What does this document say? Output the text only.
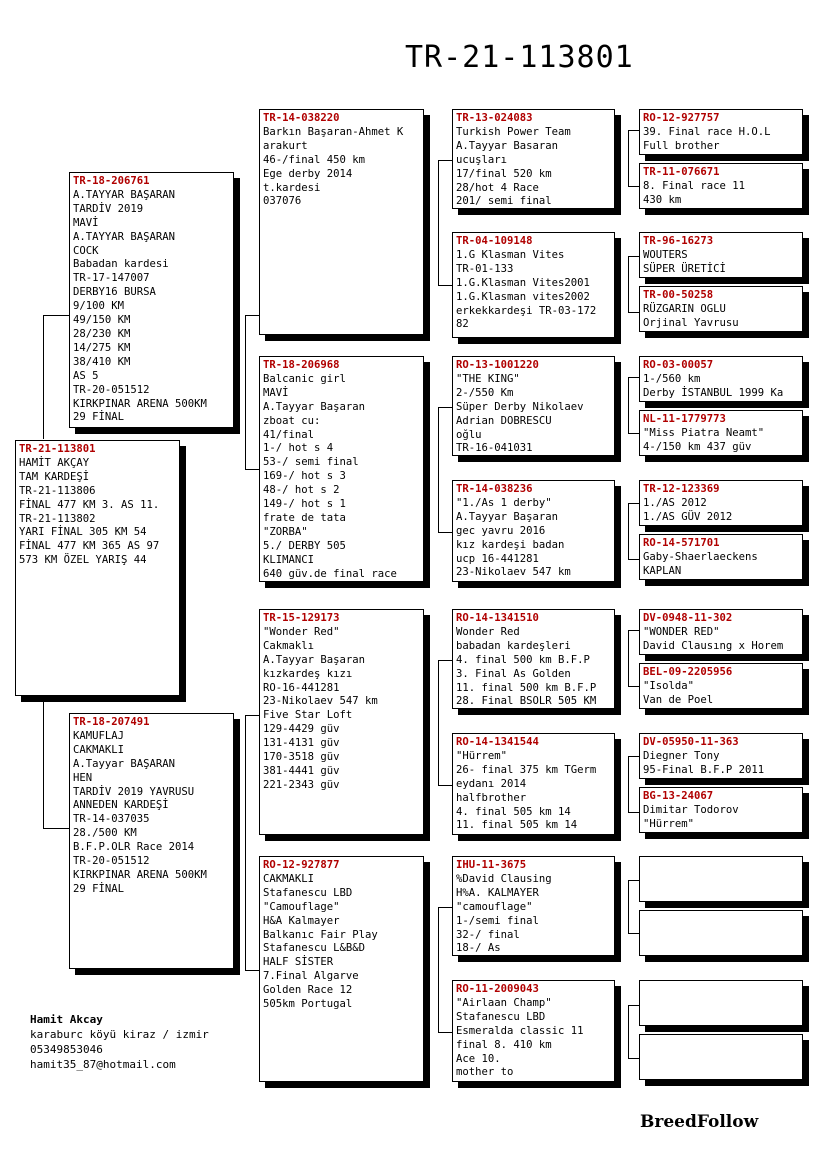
TR-21-113801
TR-21-113801
HAMİT AKÇAY
TAM KARDEŞİ
TR-21-113806
FİNAL 477 KM 3. AS 11.
TR-21-113802
YARI FİNAL 305 KM 54
FİNAL 477 KM 365 AS 97
573 KM ÖZEL YARIŞ 44
TR-18-206761
A.TAYYAR BAŞARAN
TARDİV 2019
MAVİ
A.TAYYAR BAŞARAN
COCK
Babadan kardesi
TR-17-147007
DERBY16 BURSA
9/100 KM
49/150 KM
28/230 KM
14/275 KM
38/410 KM
AS 5
TR-20-051512
KIRKPINAR ARENA 500KM
29 FİNAL
TR-18-207491
KAMUFLAJ
CAKMAKLI
A.Tayyar BAŞARAN
HEN
TARDİV 2019 YAVRUSU
ANNEDEN KARDEŞİ
TR-14-037035
28./500 KM
B.F.P.OLR Race 2014
TR-20-051512
KIRKPINAR ARENA 500KM
29 FİNAL
TR-14-038220
Barkın Başaran-Ahmet K
arakurt
46-/final 450 km
Ege derby 2014
t.kardesi
037076
TR-18-206968
Balcanic girl
MAVİ
A.Tayyar Başaran
zboat cu:
41/final
1-/ hot s 4
53-/ semi final
169-/ hot s 3
48-/ hot s 2
149-/ hot s 1
frate de tata
"ZORBA"
5./ DERBY 505
KLIMANCI
640 güv.de final race
TR-15-129173
"Wonder Red"
Cakmaklı
A.Tayyar Başaran
kızkardeş kızı
RO-16-441281
23-Nikolaev 547 km
Five Star Loft
129-4429 güv
131-4131 güv
170-3518 güv
381-4441 güv
221-2343 güv
RO-12-927877
CAKMAKLI
Stafanescu LBD
"Camouflage"
H&A Kalmayer
Balkanıc Fair Play
Stafanescu L&B&D
HALF SİSTER
7.Final Algarve
Golden Race 12
505km Portugal
TR-13-024083
Turkish Power Team
A.Tayyar Basaran
ucuşları
17/final 520 km
28/hot 4 Race
201/ semi final
TR-04-109148
1.G Klasman Vites
TR-01-133
1.G.Klasman Vites2001
1.G.Klasman vites2002
erkekkardeşi TR-03-172
82
RO-13-1001220
"THE KING"
2-/550 Km
Süper Derby Nikolaev
Adrian DOBRESCU
oğlu
TR-16-041031
TR-14-038236
"1./As 1 derby"
A.Tayyar Başaran
gec yavru 2016
kız kardeşi badan
ucp 16-441281
23-Nikolaev 547 km
RO-14-1341510
Wonder Red
babadan kardeşleri
4. final 500 km B.F.P
3. Final As Golden
11. final 500 km B.F.P
28. Final BSOLR 505 KM
RO-14-1341544
"Hürrem"
26- final 375 km TGerm
eydanı 2014
halfbrother
4. final 505 km 14
11. final 505 km 14
IHU-11-3675
%David Clausing
H%A. KALMAYER
"camouflage"
1-/semi final
32-/ final
18-/ As
RO-11-2009043
"Airlaan Champ"
Stafanescu LBD
Esmeralda classic 11
final 8. 410 km
Ace 10.
mother to
RO-12-927757
39. Final race H.O.L
Full brother
TR-11-076671
8. Final race 11
430 km
TR-96-16273
WOUTERS
SÜPER ÜRETİCİ
TR-00-50258
RÜZGARIN OGLU
Orjinal Yavrusu
RO-03-00057
1-/560 km
Derby İSTANBUL 1999 Ka
NL-11-1779773
"Miss Piatra Neamt"
4-/150 km 437 güv
TR-12-123369
1./AS 2012
1./AS GÜV 2012
RO-14-571701
Gaby-Shaerlaeckens
KAPLAN
DV-0948-11-302
"WONDER RED"
David Clausıng x Horem
BEL-09-2205956
"Isolda"
Van de Poel
DV-05950-11-363
Diegner Tony
95-Final B.F.P 2011
BG-13-24067
Dimitar Todorov
"Hürrem"
Hamit Akcay
karaburc köyü kiraz / izmir
05349853046
hamit35_87@hotmail.com
BreedFollow
